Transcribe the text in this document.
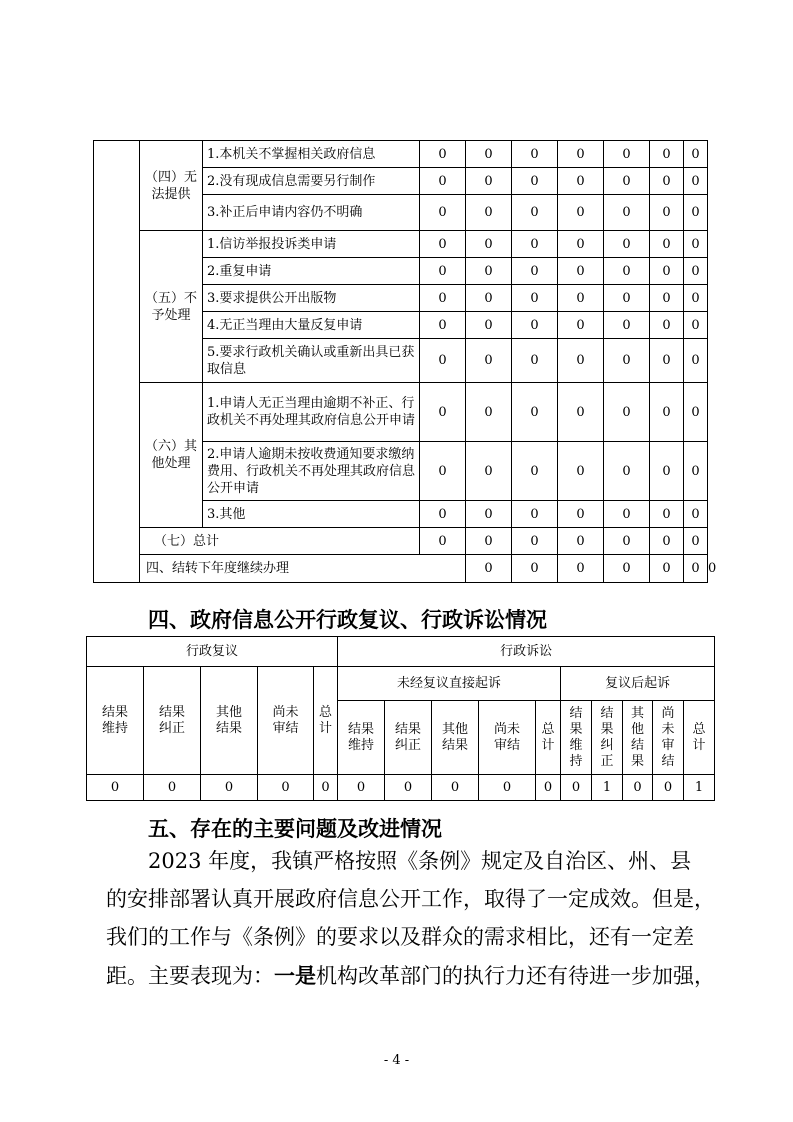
	（四）无法提供	1.本机关不掌握相关政府信息	0	0	0	0	0	0	0	
		2.没有现成信息需要另行制作	0	0	0	0	0	0	0	
		3.补正后申请内容仍不明确	0	0	0	0	0	0	0	
	（五）不予处理	1.信访举报投诉类申请	0	0	0	0	0	0	0	
		2.重复申请	0	0	0	0	0	0	0	
		3.要求提供公开出版物	0	0	0	0	0	0	0	
		4.无正当理由大量反复申请	0	0	0	0	0	0	0	
		5.要求行政机关确认或重新出具已获取信息	0	0	0	0	0	0	0	
	（六）其他处理	1.申请人无正当理由逾期不补正、行政机关不再处理其政府信息公开申请	0	0	0	0	0	0	0	
		2.申请人逾期未按收费通知要求缴纳费用、行政机关不再处理其政府信息公开申请	0	0	0	0	0	0	0	
		3.其他	0	0	0	0	0	0	0	
	（七）总计		0	0	0	0	0	0	0	
	四、结转下年度继续办理			0	0	0	0	0	0	0
四、政府信息公开行政复议、行政诉讼情况
行政复议					行政诉讼									

结果维持	结果纠正	其他结果	尚未审结	总计	未经复议直接起诉					复议后起诉				

					结果维持	结果纠正	其他结果	尚未审结	总计	结果维持	结果纠正	其他结果	尚未审结	总计

0	0	0	0	0	0	0	0	0	0	0	1	0	0	1
五、存在的主要问题及改进情况

2023 年度，我镇严格按照《条例》规定及自治区、州、县

的安排部署认真开展政府信息公开工作，取得了一定成效。但是，

我们的工作与《条例》的要求以及群众的需求相比，还有一定差

距。主要表现为：一是机构改革部门的执行力还有待进一步加强，

- 4 -
